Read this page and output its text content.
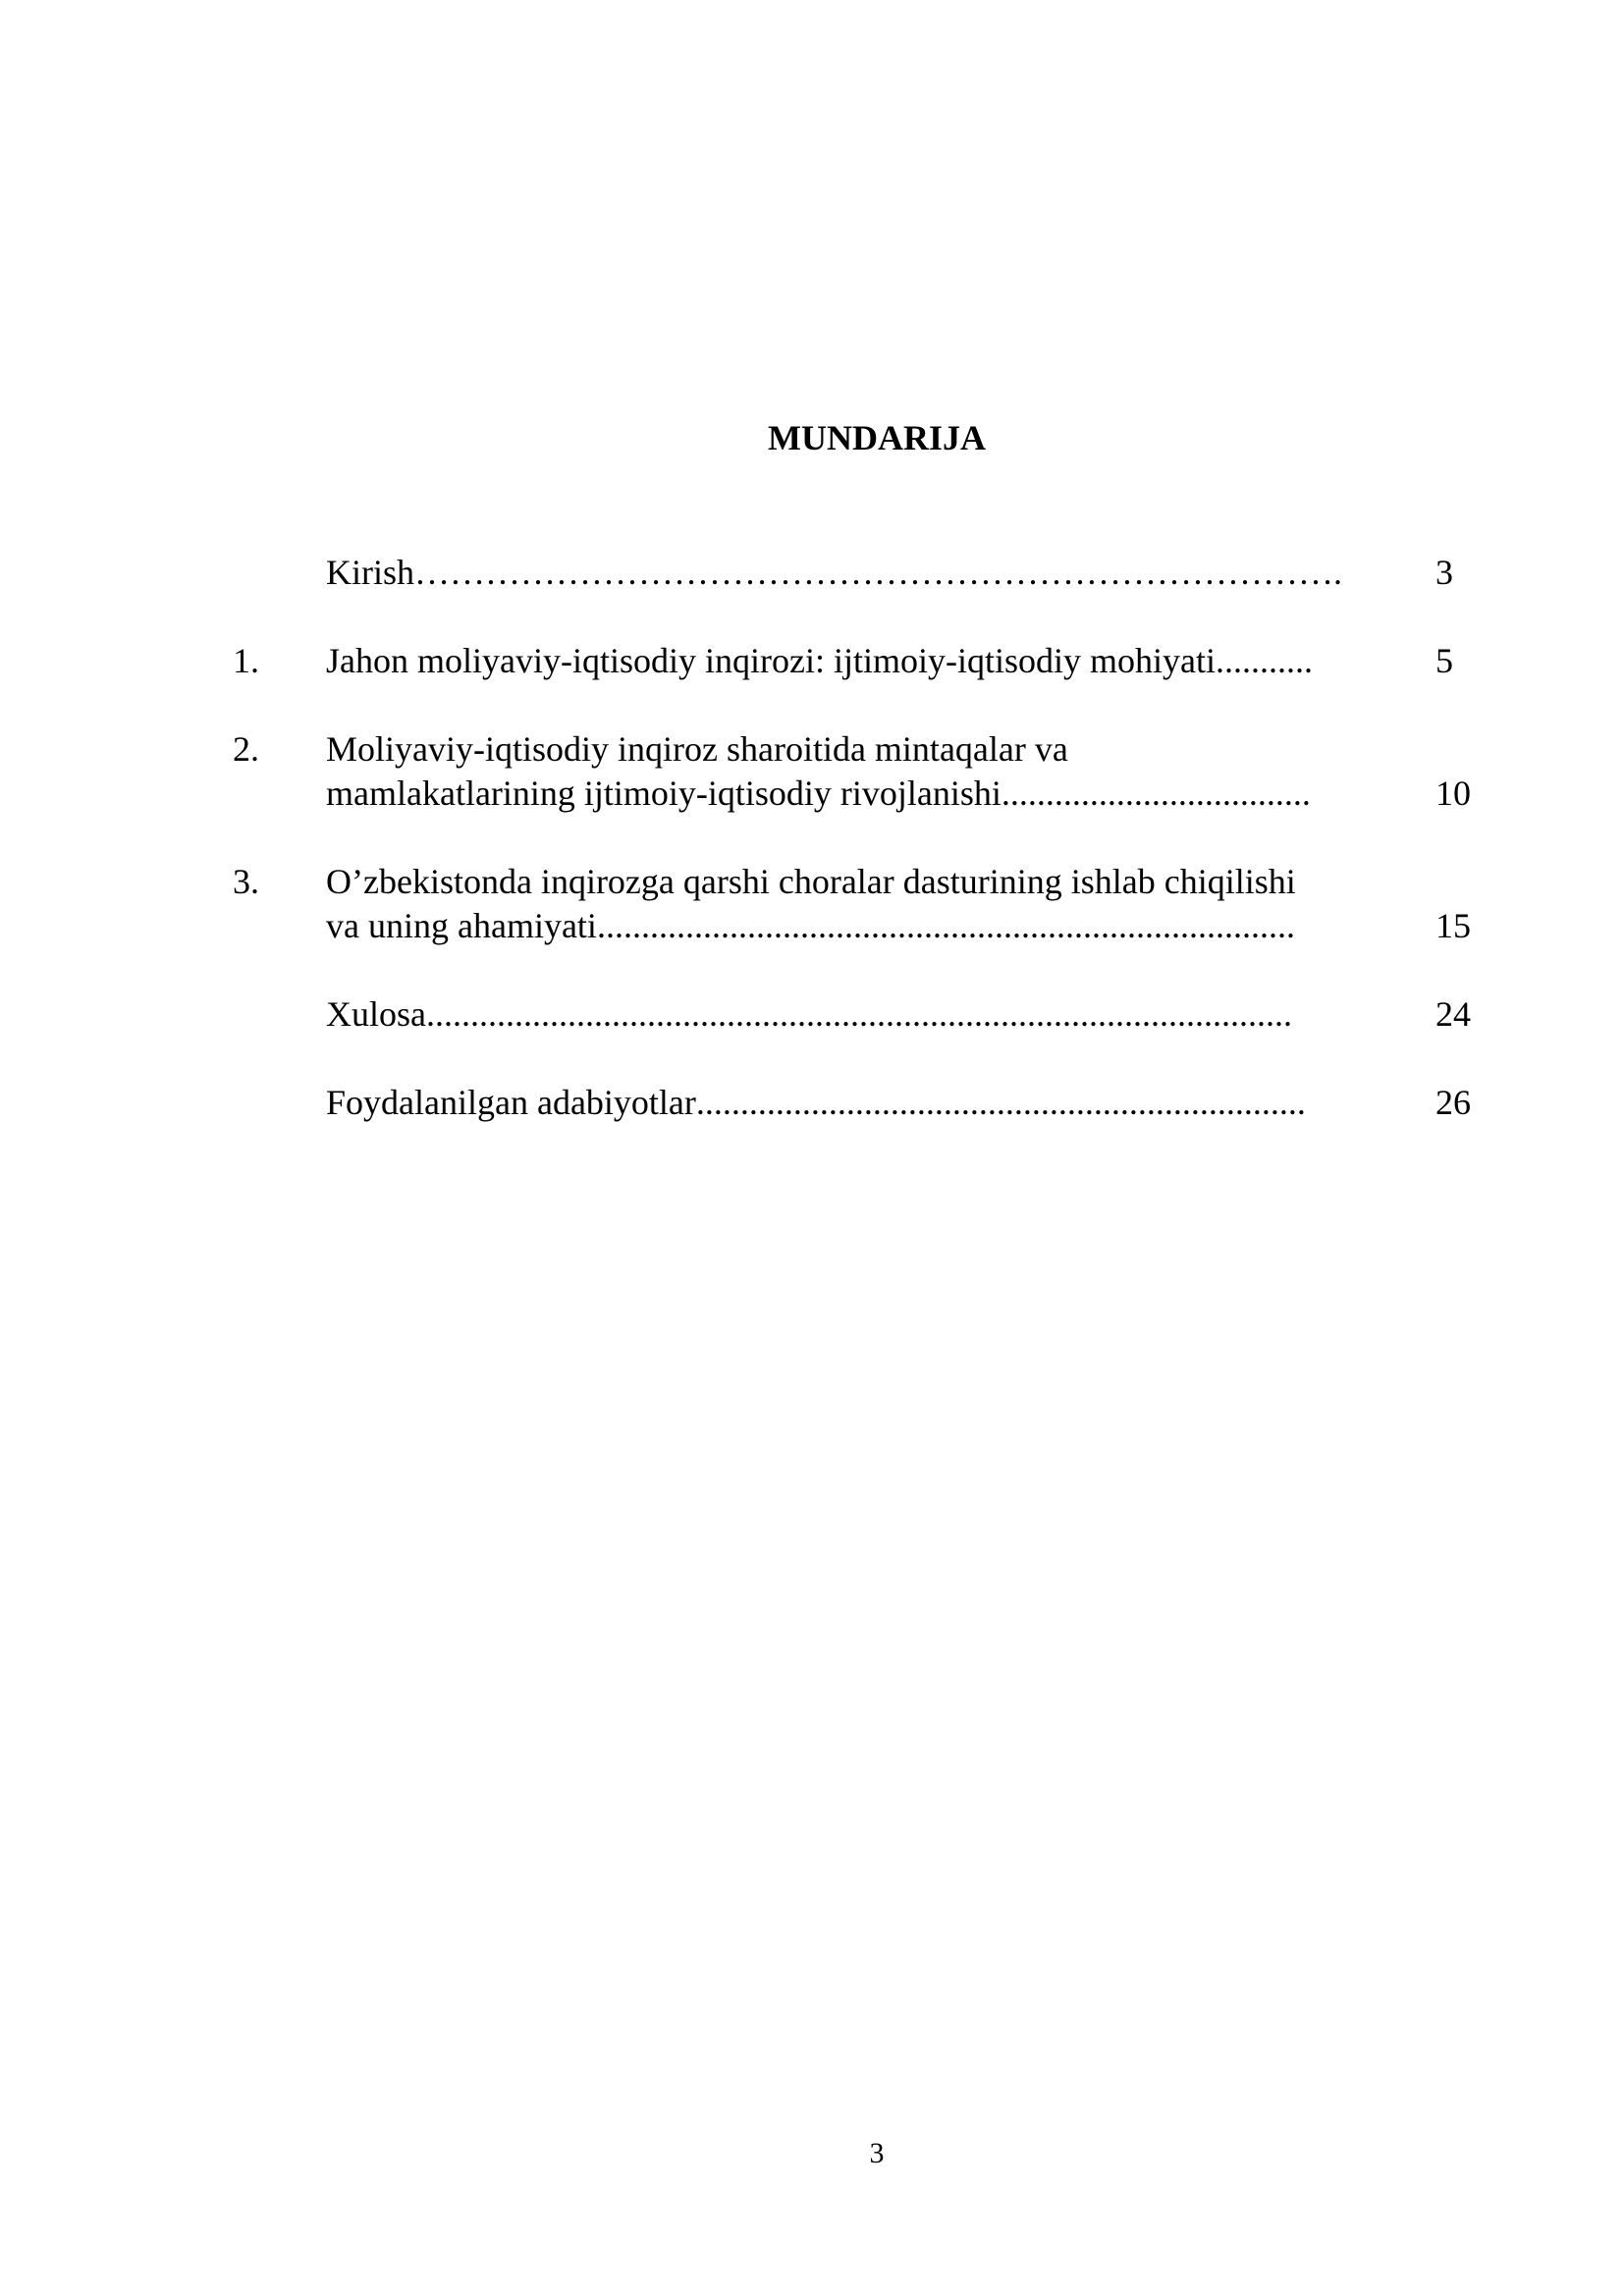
MUNDARIJA
Kirish …………………………………………………………………….	3
1. Jahon moliyaviy-iqtisodiy inqirozi: ijtimoiy-iqtisodiy mohiyati ...........	5
2. Moliyaviy-iqtisodiy inqiroz sharoitida mintaqalar va
mamlakatlarining ijtimoiy-iqtisodiy rivojlanishi ...................................	10
3. O’zbekistonda inqirozga qarshi choralar dasturining ishlab chiqilishi
va uning ahamiyati ...............................................................................	15
Xulosa ..................................................................................................	24
Foydalanilgan adabiyotlar .....................................................................	26
3
